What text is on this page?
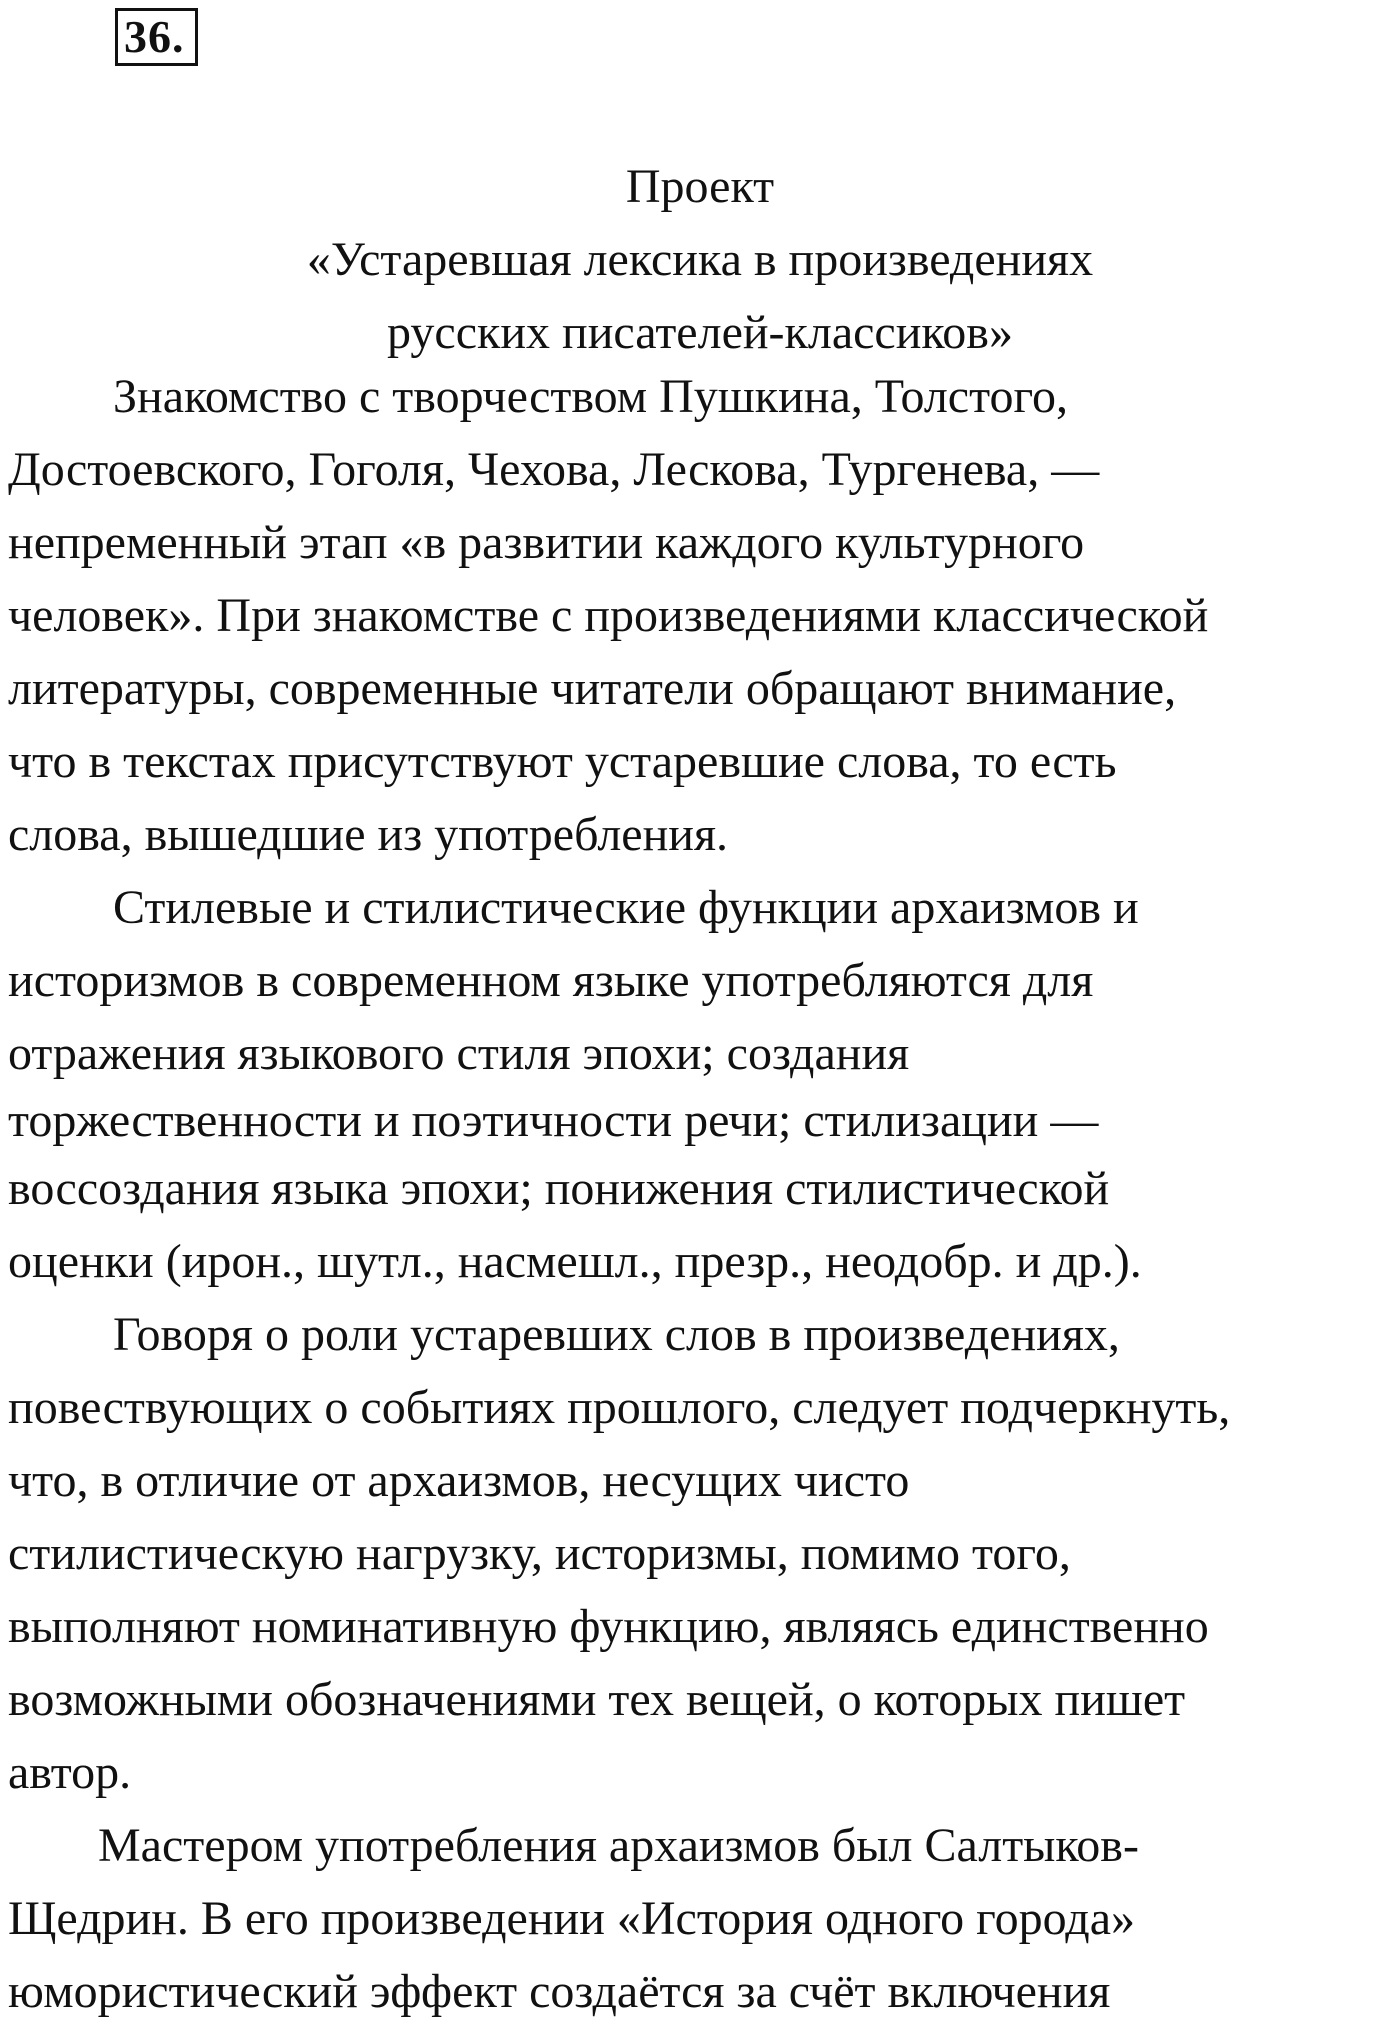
36.
Проект
«Устаревшая лексика в произведениях
русских писателей-классиков»
Знакомство с творчеством Пушкина, Толстого,
Достоевского, Гоголя, Чехова, Лескова, Тургенева, —
непременный этап «в развитии каждого культурного
человек». При знакомстве с произведениями классической
литературы, современные читатели обращают внимание,
что в текстах присутствуют устаревшие слова, то есть
слова, вышедшие из употребления.
Стилевые и стилистические функции архаизмов и
историзмов в современном языке употребляются для
отражения языкового стиля эпохи; создания
торжественности и поэтичности речи; стилизации —
воссоздания языка эпохи; понижения стилистической
оценки (ирон., шутл., насмешл., презр., неодобр. и др.).
Говоря о роли устаревших слов в произведениях,
повествующих о событиях прошлого, следует подчеркнуть,
что, в отличие от архаизмов, несущих чисто
стилистическую нагрузку, историзмы, помимо того,
выполняют номинативную функцию, являясь единственно
возможными обозначениями тех вещей, о которых пишет
автор.
Мастером употребления архаизмов был Салтыков-
Щедрин. В его произведении «История одного города»
юмористический эффект создаётся за счёт включения
